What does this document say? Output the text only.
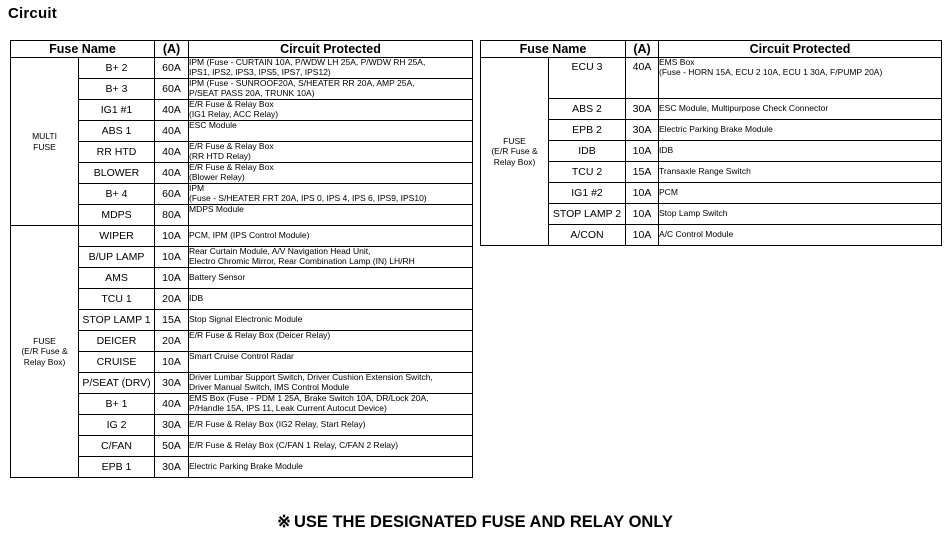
Circuit
Fuse Name		(A)	Circuit Protected
MULTI
FUSE	B+ 2	60A	IPM (Fuse - CURTAIN 10A, P/WDW LH 25A, P/WDW RH 25A,
IPS1, IPS2, IPS3, IPS5, IPS7, IPS12)
	B+ 3	60A	IPM (Fuse - SUNROOF20A, S/HEATER RR 20A, AMP 25A,
P/SEAT PASS 20A, TRUNK 10A)
	IG1 #1	40A	E/R Fuse & Relay Box
(IG1 Relay, ACC Relay)
	ABS 1	40A	ESC Module
	RR HTD	40A	E/R Fuse & Relay Box
(RR HTD Relay)
	BLOWER	40A	E/R Fuse & Relay Box
(Blower Relay)
	B+ 4	60A	IPM
(Fuse - S/HEATER FRT 20A, IPS 0, IPS 4, IPS 6, IPS9, IPS10)
	MDPS	80A	MDPS Module
FUSE
(E/R Fuse &
Relay Box)	WIPER	10A	PCM, IPM (IPS Control Module)
	B/UP LAMP	10A	Rear Curtain Module, A/V Navigation Head Unit,
Electro Chromic Mirror, Rear Combination Lamp (IN) LH/RH
	AMS	10A	Battery Sensor
	TCU 1	20A	IDB
	STOP LAMP 1	15A	Stop Signal Electronic Module
	DEICER	20A	E/R Fuse & Relay Box (Deicer Relay)
	CRUISE	10A	Smart Cruise Control Radar
	P/SEAT (DRV)	30A	Driver Lumbar Support Switch, Driver Cushion Extension Switch,
Driver Manual Switch, IMS Control Module
	B+ 1	40A	EMS Box (Fuse - PDM 1 25A, Brake Switch 10A, DR/Lock 20A,
P/Handle 15A, IPS 11, Leak Current Autocut Device)
	IG 2	30A	E/R Fuse & Relay Box (IG2 Relay, Start Relay)
	C/FAN	50A	E/R Fuse & Relay Box (C/FAN 1 Relay, C/FAN 2 Relay)
	EPB 1	30A	Electric Parking Brake Module
Fuse Name		(A)	Circuit Protected
FUSE
(E/R Fuse &
Relay Box)	ECU 3	40A	EMS Box
(Fuse - HORN 15A, ECU 2 10A, ECU 1 30A, F/PUMP 20A)
	ABS 2	30A	ESC Module, Multipurpose Check Connector
	EPB 2	30A	Electric Parking Brake Module
	IDB	10A	IDB
	TCU 2	15A	Transaxle Range Switch
	IG1 #2	10A	PCM
	STOP LAMP 2	10A	Stop Lamp Switch
	A/CON	10A	A/C Control Module
※ USE THE DESIGNATED FUSE AND RELAY ONLY
